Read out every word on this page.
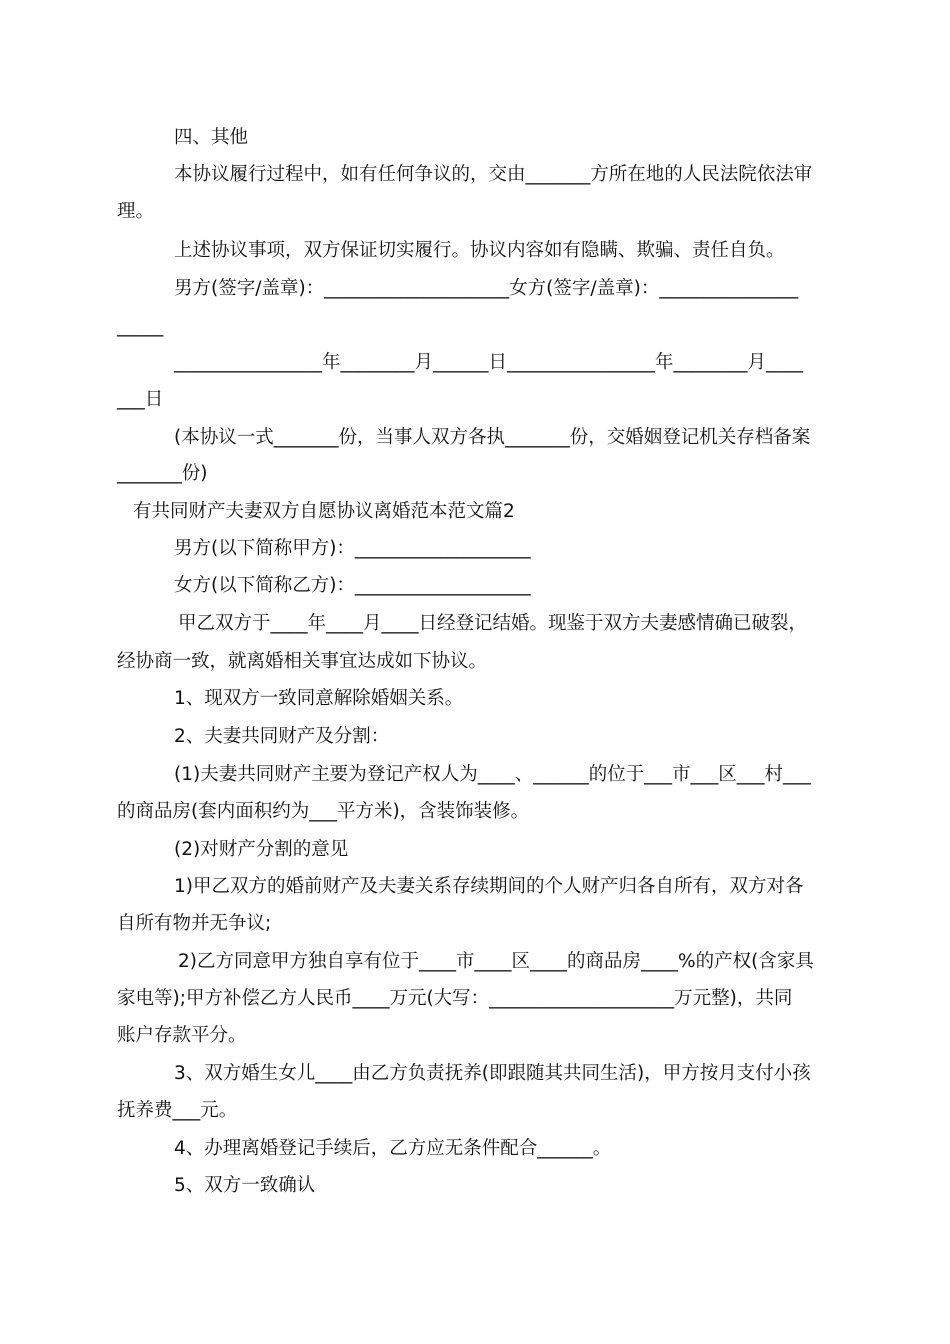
四、其他
本协议履行过程中，如有任何争议的，交由_______方所在地的人民法院依法审
理。
上述协议事项，双方保证切实履行。协议内容如有隐瞒、欺骗、责任自负。
男方(签字/盖章)：____________________女方(签字/盖章)：_______________
_____
________________年________月______日________________年________月____
___日
(本协议一式_______份，当事人双方各执_______份，交婚姻登记机关存档备案
_______份)
有共同财产夫妻双方自愿协议离婚范本范文篇2
男方(以下简称甲方)：___________________
女方(以下简称乙方)：___________________
甲乙双方于____年____月____日经登记结婚。现鉴于双方夫妻感情确已破裂，
经协商一致，就离婚相关事宜达成如下协议。
1、现双方一致同意解除婚姻关系。
2、夫妻共同财产及分割：
(1)夫妻共同财产主要为登记产权人为____、______的位于___市___区___村___
的商品房(套内面积约为___平方米)，含装饰装修。
(2)对财产分割的意见
1)甲乙双方的婚前财产及夫妻关系存续期间的个人财产归各自所有，双方对各
自所有物并无争议;
2)乙方同意甲方独自享有位于____市____区____的商品房____%的产权(含家具
家电等);甲方补偿乙方人民币____万元(大写：____________________万元整)，共同
账户存款平分。
3、双方婚生女儿____由乙方负责抚养(即跟随其共同生活)，甲方按月支付小孩
抚养费___元。
4、办理离婚登记手续后，乙方应无条件配合______。
5、双方一致确认
